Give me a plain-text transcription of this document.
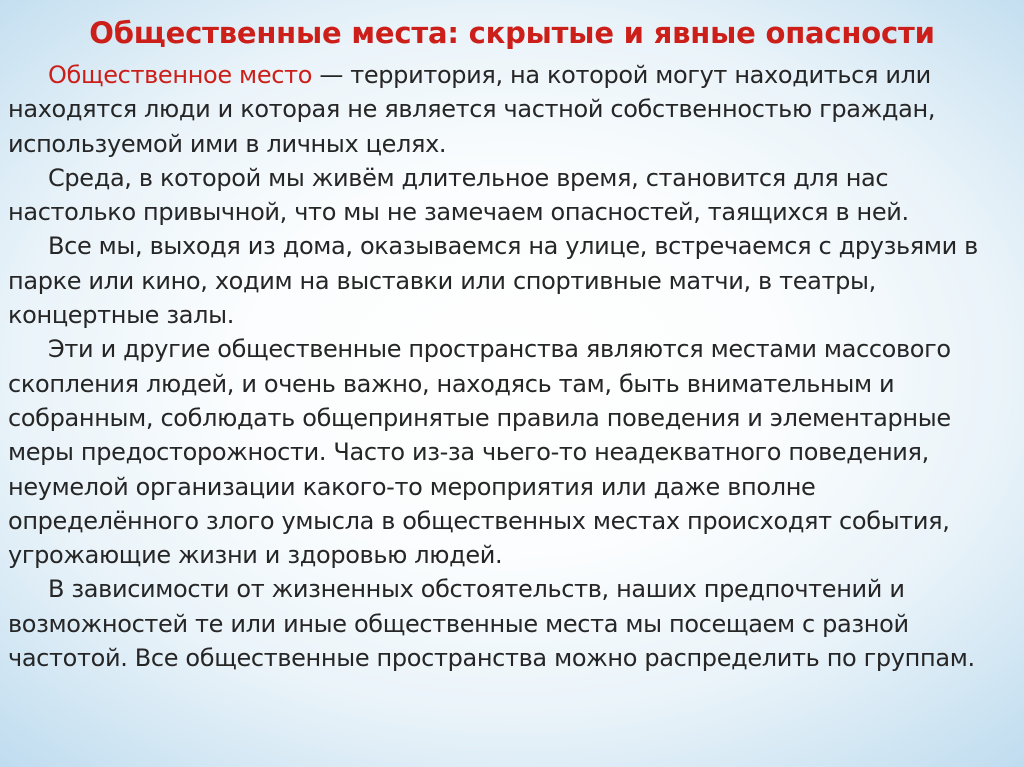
Общественные места: скрытые и явные опасности

Общественное место — территория, на которой могут находиться или находятся люди и которая не является частной собственностью граждан, используемой ими в личных целях.

Среда, в которой мы живём длительное время, становится для нас настолько привычной, что мы не замечаем опасностей, таящихся в ней.

Все мы, выходя из дома, оказываемся на улице, встречаемся с друзьями в парке или кино, ходим на выставки или спортивные матчи, в театры, концертные залы.

Эти и другие общественные пространства являются местами массового скопления людей, и очень важно, находясь там, быть внимательным и собранным, соблюдать общепринятые правила поведения и элементарные меры предосторожности. Часто из-за чьего-то неадекватного поведения, неумелой организации какого-то мероприятия или даже вполне определённого злого умысла в общественных местах происходят события, угрожающие жизни и здоровью людей.

В зависимости от жизненных обстоятельств, наших предпочтений и возможностей те или иные общественные места мы посещаем с разной частотой. Все общественные пространства можно распределить по группам.
